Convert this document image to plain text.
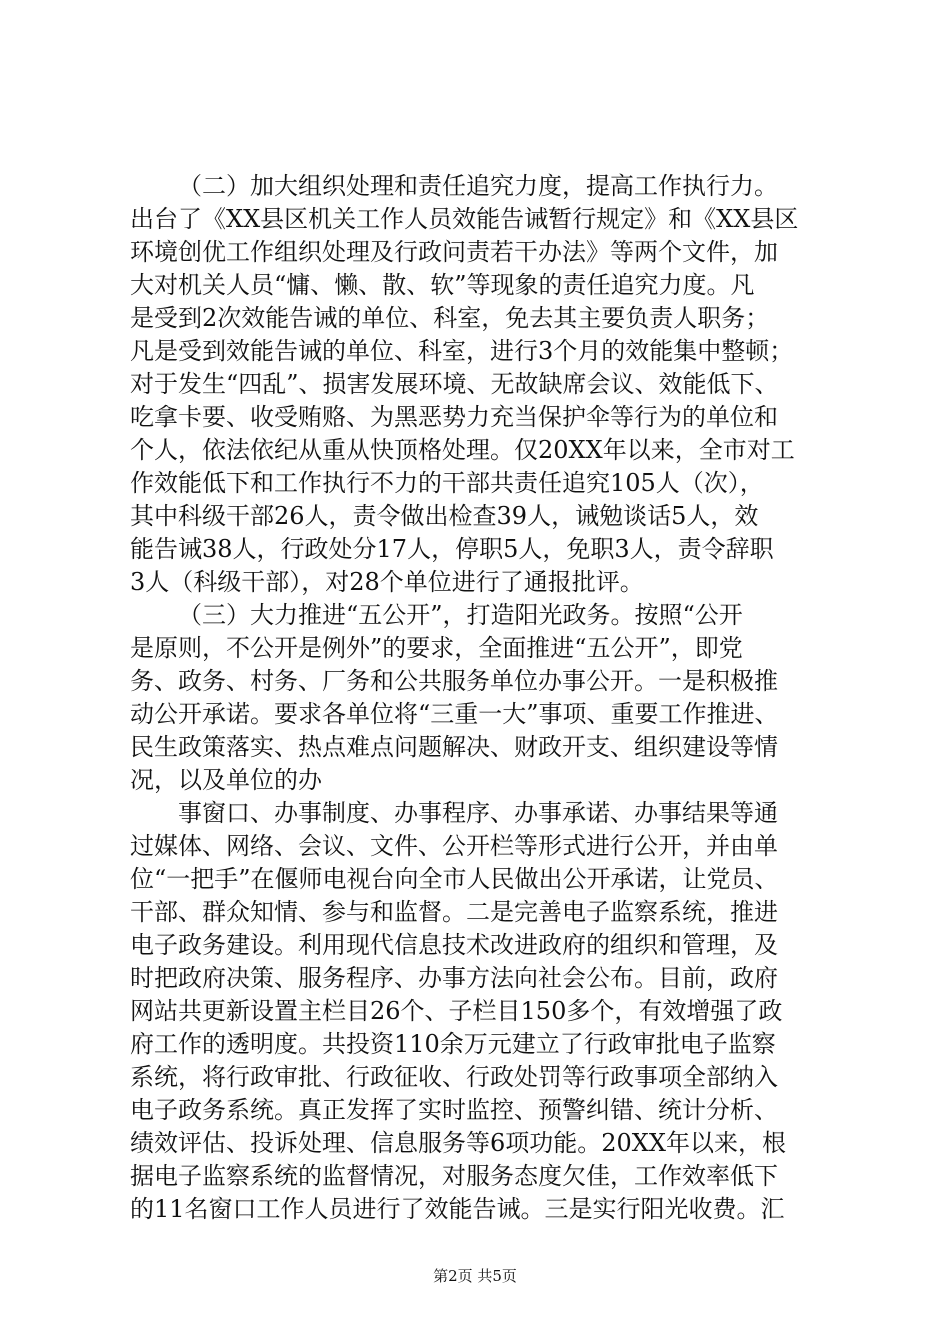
（二）加大组织处理和责任追究力度，提高工作执行力。

出台了《XX县区机关工作人员效能告诫暂行规定》和《XX县区

环境创优工作组织处理及行政问责若干办法》等两个文件，加

大对机关人员“慵、懒、散、软”等现象的责任追究力度。凡

是受到2次效能告诫的单位、科室，免去其主要负责人职务；

凡是受到效能告诫的单位、科室，进行3个月的效能集中整顿；

对于发生“四乱”、损害发展环境、无故缺席会议、效能低下、

吃拿卡要、收受贿赂、为黑恶势力充当保护伞等行为的单位和

个人，依法依纪从重从快顶格处理。仅20XX年以来，全市对工

作效能低下和工作执行不力的干部共责任追究105人（次），

其中科级干部26人，责令做出检查39人，诫勉谈话5人，效

能告诫38人，行政处分17人，停职5人，免职3人，责令辞职

3人（科级干部），对28个单位进行了通报批评。

（三）大力推进“五公开”，打造阳光政务。按照“公开

是原则，不公开是例外”的要求，全面推进“五公开”，即党

务、政务、村务、厂务和公共服务单位办事公开。一是积极推

动公开承诺。要求各单位将“三重一大”事项、重要工作推进、

民生政策落实、热点难点问题解决、财政开支、组织建设等情

况，以及单位的办

事窗口、办事制度、办事程序、办事承诺、办事结果等通

过媒体、网络、会议、文件、公开栏等形式进行公开，并由单

位“一把手”在偃师电视台向全市人民做出公开承诺，让党员、

干部、群众知情、参与和监督。二是完善电子监察系统，推进

电子政务建设。利用现代信息技术改进政府的组织和管理，及

时把政府决策、服务程序、办事方法向社会公布。目前，政府

网站共更新设置主栏目26个、子栏目150多个，有效增强了政

府工作的透明度。共投资110余万元建立了行政审批电子监察

系统，将行政审批、行政征收、行政处罚等行政事项全部纳入

电子政务系统。真正发挥了实时监控、预警纠错、统计分析、

绩效评估、投诉处理、信息服务等6项功能。20XX年以来，根

据电子监察系统的监督情况，对服务态度欠佳，工作效率低下

的11名窗口工作人员进行了效能告诫。三是实行阳光收费。汇

第2页 共5页
